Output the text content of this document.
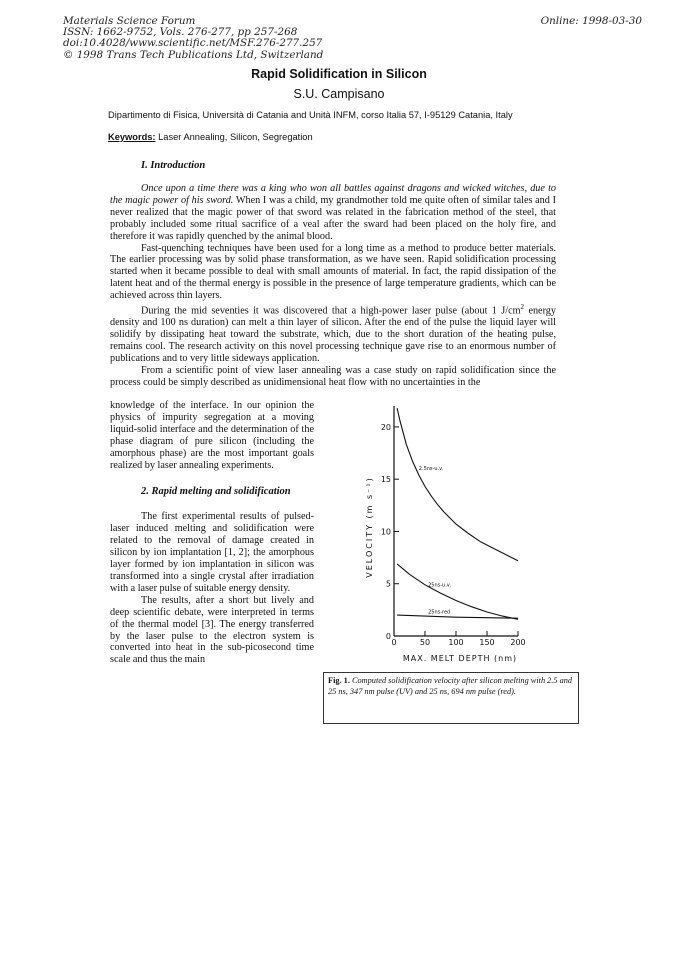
Materials Science Forum
ISSN: 1662-9752, Vols. 276-277, pp 257-268
doi:10.4028/www.scientific.net/MSF.276-277.257
© 1998 Trans Tech Publications Ltd, Switzerland
Online: 1998-03-30
Rapid Solidification in Silicon
S.U. Campisano
Dipartimento di Fisica, Università di Catania and Unità INFM, corso Italia 57, I-95129 Catania, Italy
Keywords: Laser Annealing, Silicon, Segregation
I. Introduction

Once upon a time there was a king who won all battles against dragons and wicked witches, due to the magic power of his sword. When I was a child, my grandmother told me quite often of similar tales and I never realized that the magic power of that sword was related in the fabrication method of the steel, that probably included some ritual sacrifice of a veal after the sward had been placed on the holy fire, and therefore it was rapidly quenched by the animal blood.

Fast-quenching techniques have been used for a long time as a method to produce better materials. The earlier processing was by solid phase transformation, as we have seen. Rapid solidification processing started when it became possible to deal with small amounts of material. In fact, the rapid dissipation of the latent heat and of the thermal energy is possible in the presence of large temperature gradients, which can be achieved across thin layers.

During the mid seventies it was discovered that a high-power laser pulse (about 1 $J/cm^2$ energy density and 100 ns duration) can melt a thin layer of silicon. After the end of the pulse the liquid layer will solidify by dissipating heat toward the substrate, which, due to the short duration of the heating pulse, remains cool. The research activity on this novel processing technique gave rise to an enormous number of publications and to very little sideways application.

From a scientific point of view laser annealing was a case study on rapid solidification since the process could be simply described as unidimensional heat flow with no uncertainties in the

knowledge of the interface. In our opinion the physics of impurity segregation at a moving liquid-solid interface and the determination of the phase diagram of pure silicon (including the amorphous phase) are the most important goals realized by laser annealing experiments.

2. Rapid melting and solidification

The first experimental results of pulsed-laser induced melting and solidification were related to the removal of damage created in silicon by ion implantation [1, 2]; the amorphous layer formed by ion implantation in silicon was transformed into a single crystal after irradiation with a laser pulse of suitable energy density.

The results, after a short but lively and deep scientific debate, were interpreted in terms of the thermal model [3]. The energy transferred by the laser pulse to the electron system is converted into heat in the sub-picosecond time scale and thus the main

0
5
10
15
20
0	50 100 150 200
MAX. MELT DEPTH (nm)
VELOCITY (m s⁻¹)
2.5ns-u.v.
25ns-u.v.
25ns-red
Fig. 1. Computed solidification velocity after silicon melting with 2.5 and 25 ns, 347 nm pulse (UV) and 25 ns, 694 nm pulse (red).
